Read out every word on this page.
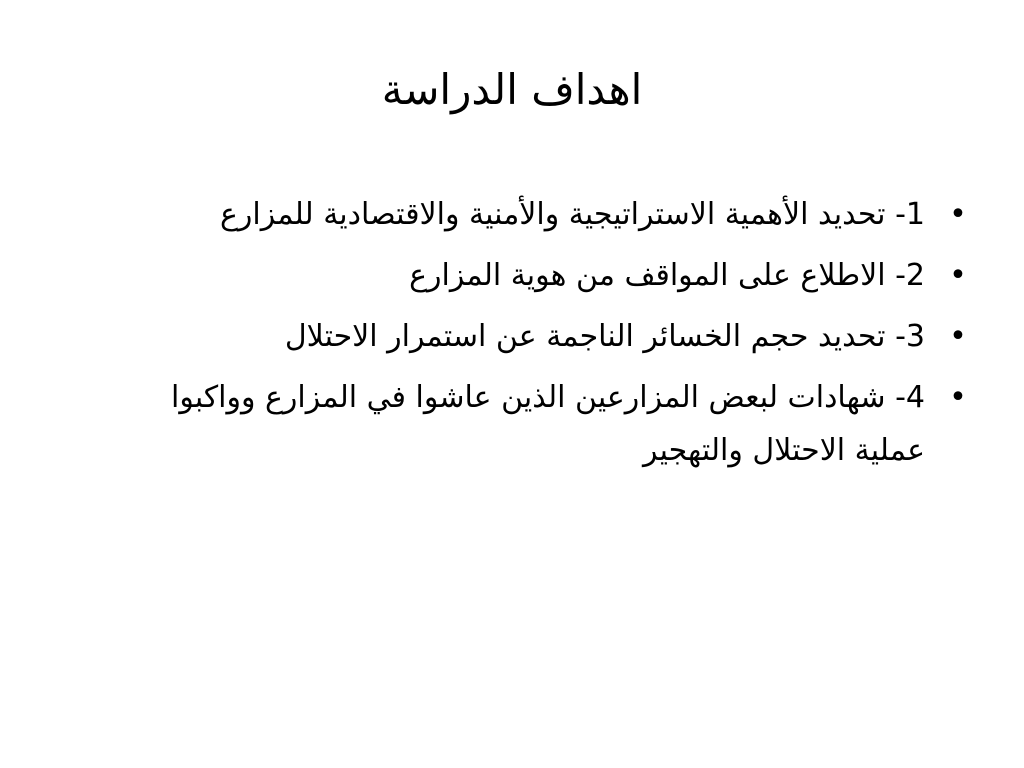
اهداف الدراسة
•
1- تحديد الأهمية الاستراتيجية والأمنية والاقتصادية للمزارع
•
2- الاطلاع على المواقف من هوية المزارع
•
3- تحديد حجم الخسائر الناجمة عن استمرار الاحتلال
•
4- شهادات لبعض المزارعين الذين عاشوا في المزارع وواكبوا عملية الاحتلال والتهجير
